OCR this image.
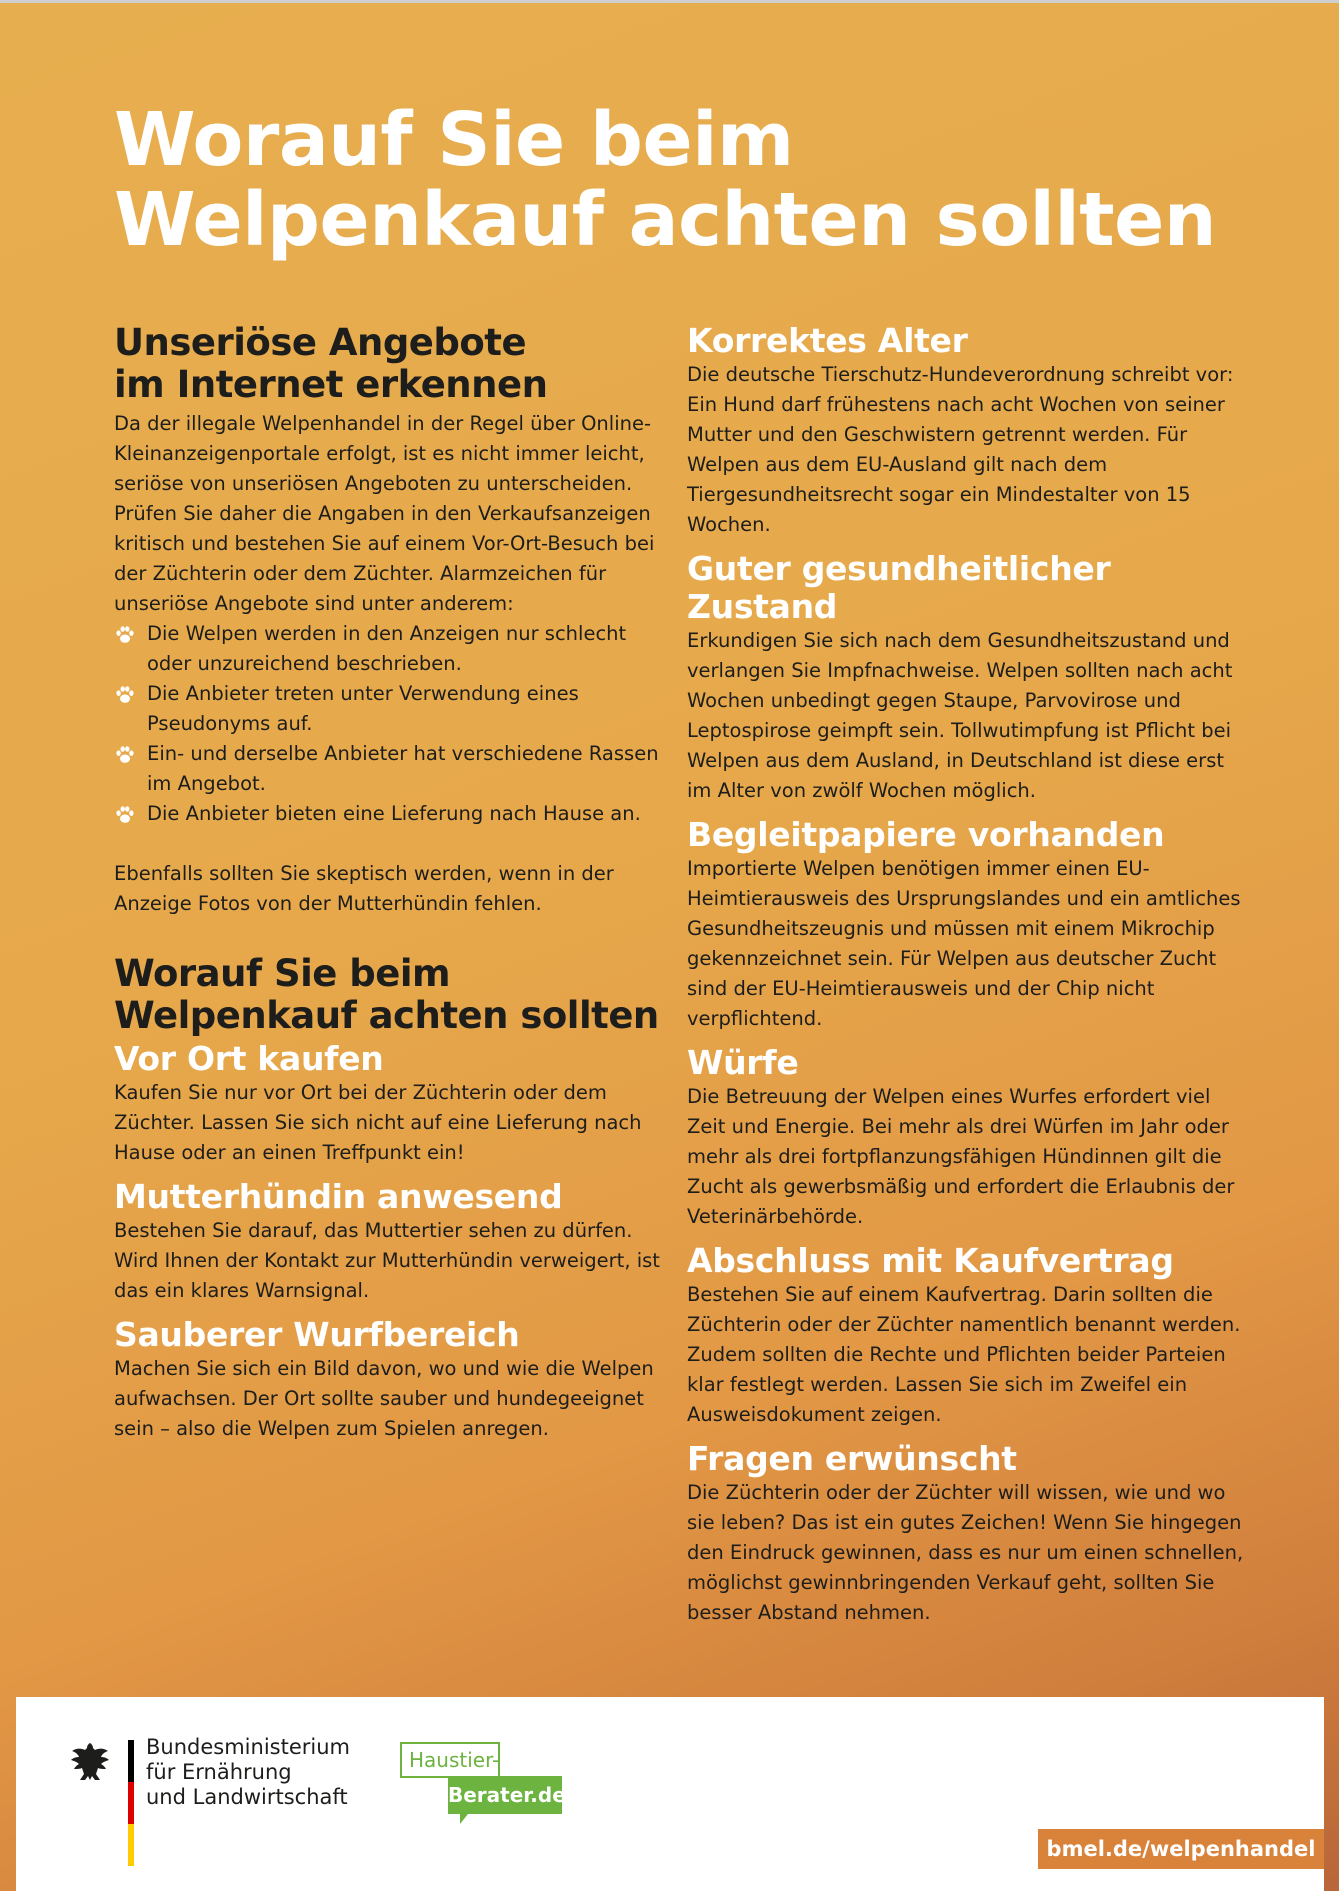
Worauf Sie beim Welpenkauf achten sollten
Unseriöse Angebote im Internet erkennen

Da der illegale Welpenhandel in der Regel über Online-Kleinanzeigenportale erfolgt, ist es nicht immer leicht, seriöse von unseriösen Angeboten zu unterscheiden. Prüfen Sie daher die Angaben in den Verkaufsanzeigen kritisch und bestehen Sie auf einem Vor-Ort-Besuch bei der Züchterin oder dem Züchter. Alarmzeichen für unseriöse Angebote sind unter anderem:

Die Welpen werden in den Anzeigen nur schlecht oder unzureichend beschrieben.
Die Anbieter treten unter Verwendung eines Pseudonyms auf.
Ein- und derselbe Anbieter hat verschiedene Rassen im Angebot.
Die Anbieter bieten eine Lieferung nach Hause an.

Ebenfalls sollten Sie skeptisch werden, wenn in der Anzeige Fotos von der Mutterhündin fehlen.

Worauf Sie beim Welpenkauf achten sollten
Vor Ort kaufen

Kaufen Sie nur vor Ort bei der Züchterin oder dem Züchter. Lassen Sie sich nicht auf eine Lieferung nach Hause oder an einen Treffpunkt ein!

Mutterhündin anwesend

Bestehen Sie darauf, das Muttertier sehen zu dürfen. Wird Ihnen der Kontakt zur Mutterhündin verweigert, ist das ein klares Warnsignal.

Sauberer Wurfbereich

Machen Sie sich ein Bild davon, wo und wie die Welpen aufwachsen. Der Ort sollte sauber und hundegeeignet sein – also die Welpen zum Spielen anregen.

Korrektes Alter

Die deutsche Tierschutz-Hundeverordnung schreibt vor: Ein Hund darf frühestens nach acht Wochen von seiner Mutter und den Geschwistern getrennt werden. Für Welpen aus dem EU-Ausland gilt nach dem Tiergesundheitsrecht sogar ein Mindestalter von 15 Wochen.

Guter gesundheitlicher Zustand

Erkundigen Sie sich nach dem Gesundheitszustand und verlangen Sie Impfnachweise. Welpen sollten nach acht Wochen unbedingt gegen Staupe, Parvovirose und Leptospirose geimpft sein. Tollwutimpfung ist Pflicht bei Welpen aus dem Ausland, in Deutschland ist diese erst im Alter von zwölf Wochen möglich.

Begleitpapiere vorhanden

Importierte Welpen benötigen immer einen EU-Heimtierausweis des Ursprungslandes und ein amtliches Gesundheitszeugnis und müssen mit einem Mikrochip gekennzeichnet sein. Für Welpen aus deutscher Zucht sind der EU-Heimtierausweis und der Chip nicht verpflichtend.

Würfe

Die Betreuung der Welpen eines Wurfes erfordert viel Zeit und Energie. Bei mehr als drei Würfen im Jahr oder mehr als drei fortpflanzungsfähigen Hündinnen gilt die Zucht als gewerbsmäßig und erfordert die Erlaubnis der Veterinärbehörde.

Abschluss mit Kaufvertrag

Bestehen Sie auf einem Kaufvertrag. Darin sollten die Züchterin oder der Züchter namentlich benannt werden. Zudem sollten die Rechte und Pflichten beider Parteien klar festlegt werden. Lassen Sie sich im Zweifel ein Ausweisdokument zeigen.

Fragen erwünscht

Die Züchterin oder der Züchter will wissen, wie und wo sie leben? Das ist ein gutes Zeichen! Wenn Sie hingegen den Eindruck gewinnen, dass es nur um einen schnellen, möglichst gewinnbringenden Verkauf geht, sollten Sie besser Abstand nehmen.

Bundesministerium
für Ernährung
und Landwirtschaft
Haustier-
Berater.de
bmel.de/welpenhandel
